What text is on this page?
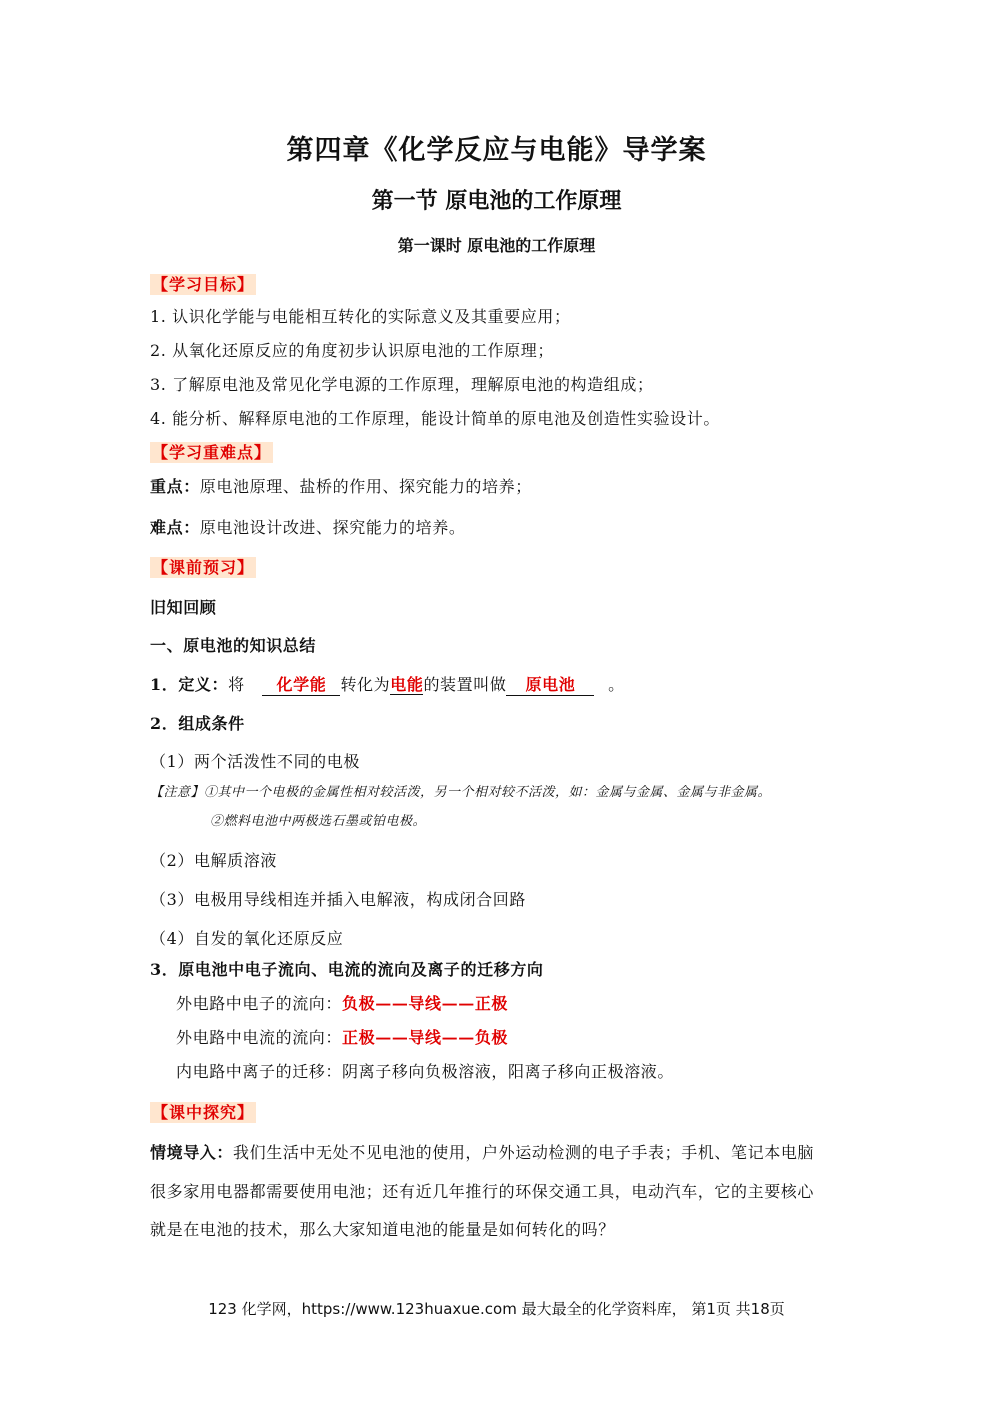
第四章《化学反应与电能》导学案
第一节 原电池的工作原理
第一课时 原电池的工作原理
【学习目标】
1. 认识化学能与电能相互转化的实际意义及其重要应用；
2. 从氧化还原反应的角度初步认识原电池的工作原理；
3. 了解原电池及常见化学电源的工作原理，理解原电池的构造组成；
4. 能分析、解释原电池的工作原理，能设计简单的原电池及创造性实验设计。
【学习重难点】
重点：原电池原理、盐桥的作用、探究能力的培养；
难点：原电池设计改进、探究能力的培养。
【课前预习】
旧知回顾
一、原电池的知识总结
1．定义：将 化学能 转化为电能的装置叫做 原电池 。
2．组成条件
（1）两个活泼性不同的电极
【注意】①其中一个电极的金属性相对较活泼，另一个相对较不活泼，如：金属与金属、金属与非金属。
②燃料电池中两极选石墨或铂电极。
（2）电解质溶液
（3）电极用导线相连并插入电解液，构成闭合回路
（4）自发的氧化还原反应
3．原电池中电子流向、电流的流向及离子的迁移方向
外电路中电子的流向：负极——导线——正极
外电路中电流的流向：正极——导线——负极
内电路中离子的迁移：阴离子移向负极溶液，阳离子移向正极溶液。
【课中探究】
情境导入：我们生活中无处不见电池的使用，户外运动检测的电子手表；手机、笔记本电脑
很多家用电器都需要使用电池；还有近几年推行的环保交通工具，电动汽车，它的主要核心
就是在电池的技术，那么大家知道电池的能量是如何转化的吗？
123 化学网，https://www.123huaxue.com 最大最全的化学资料库， 第1页 共18页
